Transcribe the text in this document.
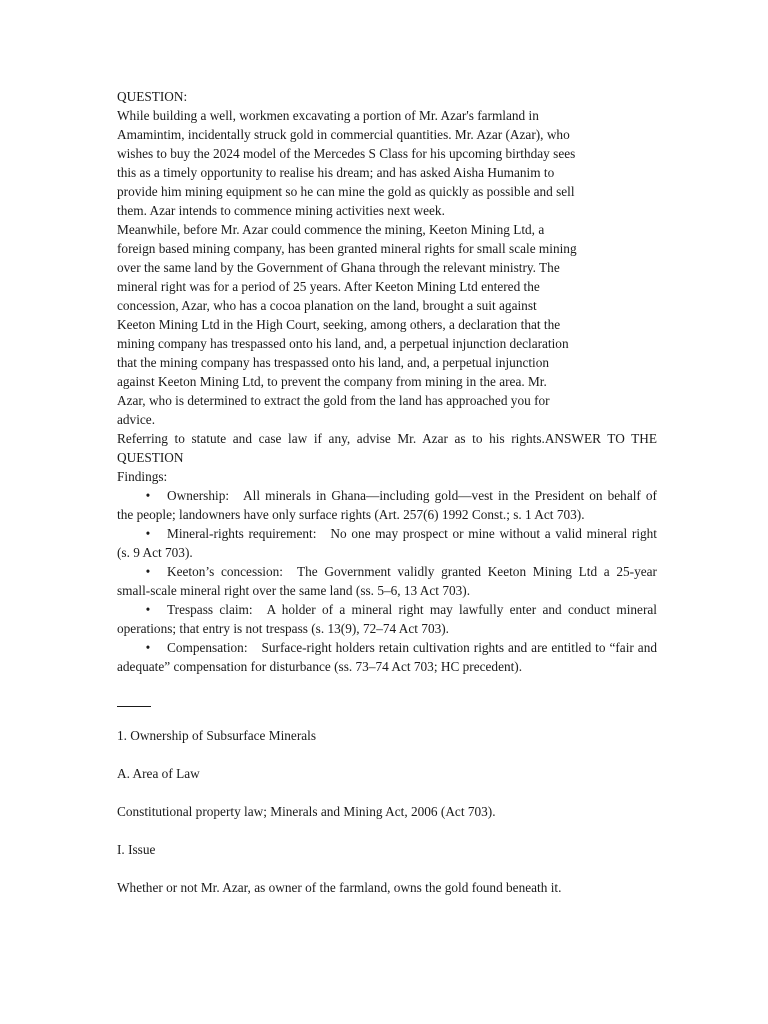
QUESTION:
While building a well, workmen excavating a portion of Mr. Azar's farmland in
Amamintim, incidentally struck gold in commercial quantities. Mr. Azar (Azar), who
wishes to buy the 2024 model of the Mercedes S Class for his upcoming birthday sees
this as a timely opportunity to realise his dream; and has asked Aisha Humanim to
provide him mining equipment so he can mine the gold as quickly as possible and sell
them. Azar intends to commence mining activities next week.
Meanwhile, before Mr. Azar could commence the mining, Keeton Mining Ltd, a
foreign based mining company, has been granted mineral rights for small scale mining
over the same land by the Government of Ghana through the relevant ministry. The
mineral right was for a period of 25 years. After Keeton Mining Ltd entered the
concession, Azar, who has a cocoa planation on the land, brought a suit against
Keeton Mining Ltd in the High Court, seeking, among others, a declaration that the
mining company has trespassed onto his land, and, a perpetual injunction declaration
that the mining company has trespassed onto his land, and, a perpetual injunction
against Keeton Mining Ltd, to prevent the company from mining in the area. Mr.
Azar, who is determined to extract the gold from the land has approached you for
advice.
Referring to statute and case law if any, advise Mr. Azar as to his rights.ANSWER TO THE QUESTION
Findings:
• Ownership: All minerals in Ghana—including gold—vest in the President on behalf of the people; landowners have only surface rights (Art. 257(6) 1992 Const.; s. 1 Act 703).
• Mineral-rights requirement: No one may prospect or mine without a valid mineral right (s. 9 Act 703).
• Keeton’s concession: The Government validly granted Keeton Mining Ltd a 25-year small-scale mineral right over the same land (ss. 5–6, 13 Act 703).
• Trespass claim: A holder of a mineral right may lawfully enter and conduct mineral operations; that entry is not trespass (s. 13(9), 72–74 Act 703).
• Compensation: Surface-right holders retain cultivation rights and are entitled to “fair and adequate” compensation for disturbance (ss. 73–74 Act 703; HC precedent).
1. Ownership of Subsurface Minerals
A. Area of Law
Constitutional property law; Minerals and Mining Act, 2006 (Act 703).
I. Issue
Whether or not Mr. Azar, as owner of the farmland, owns the gold found beneath it.
